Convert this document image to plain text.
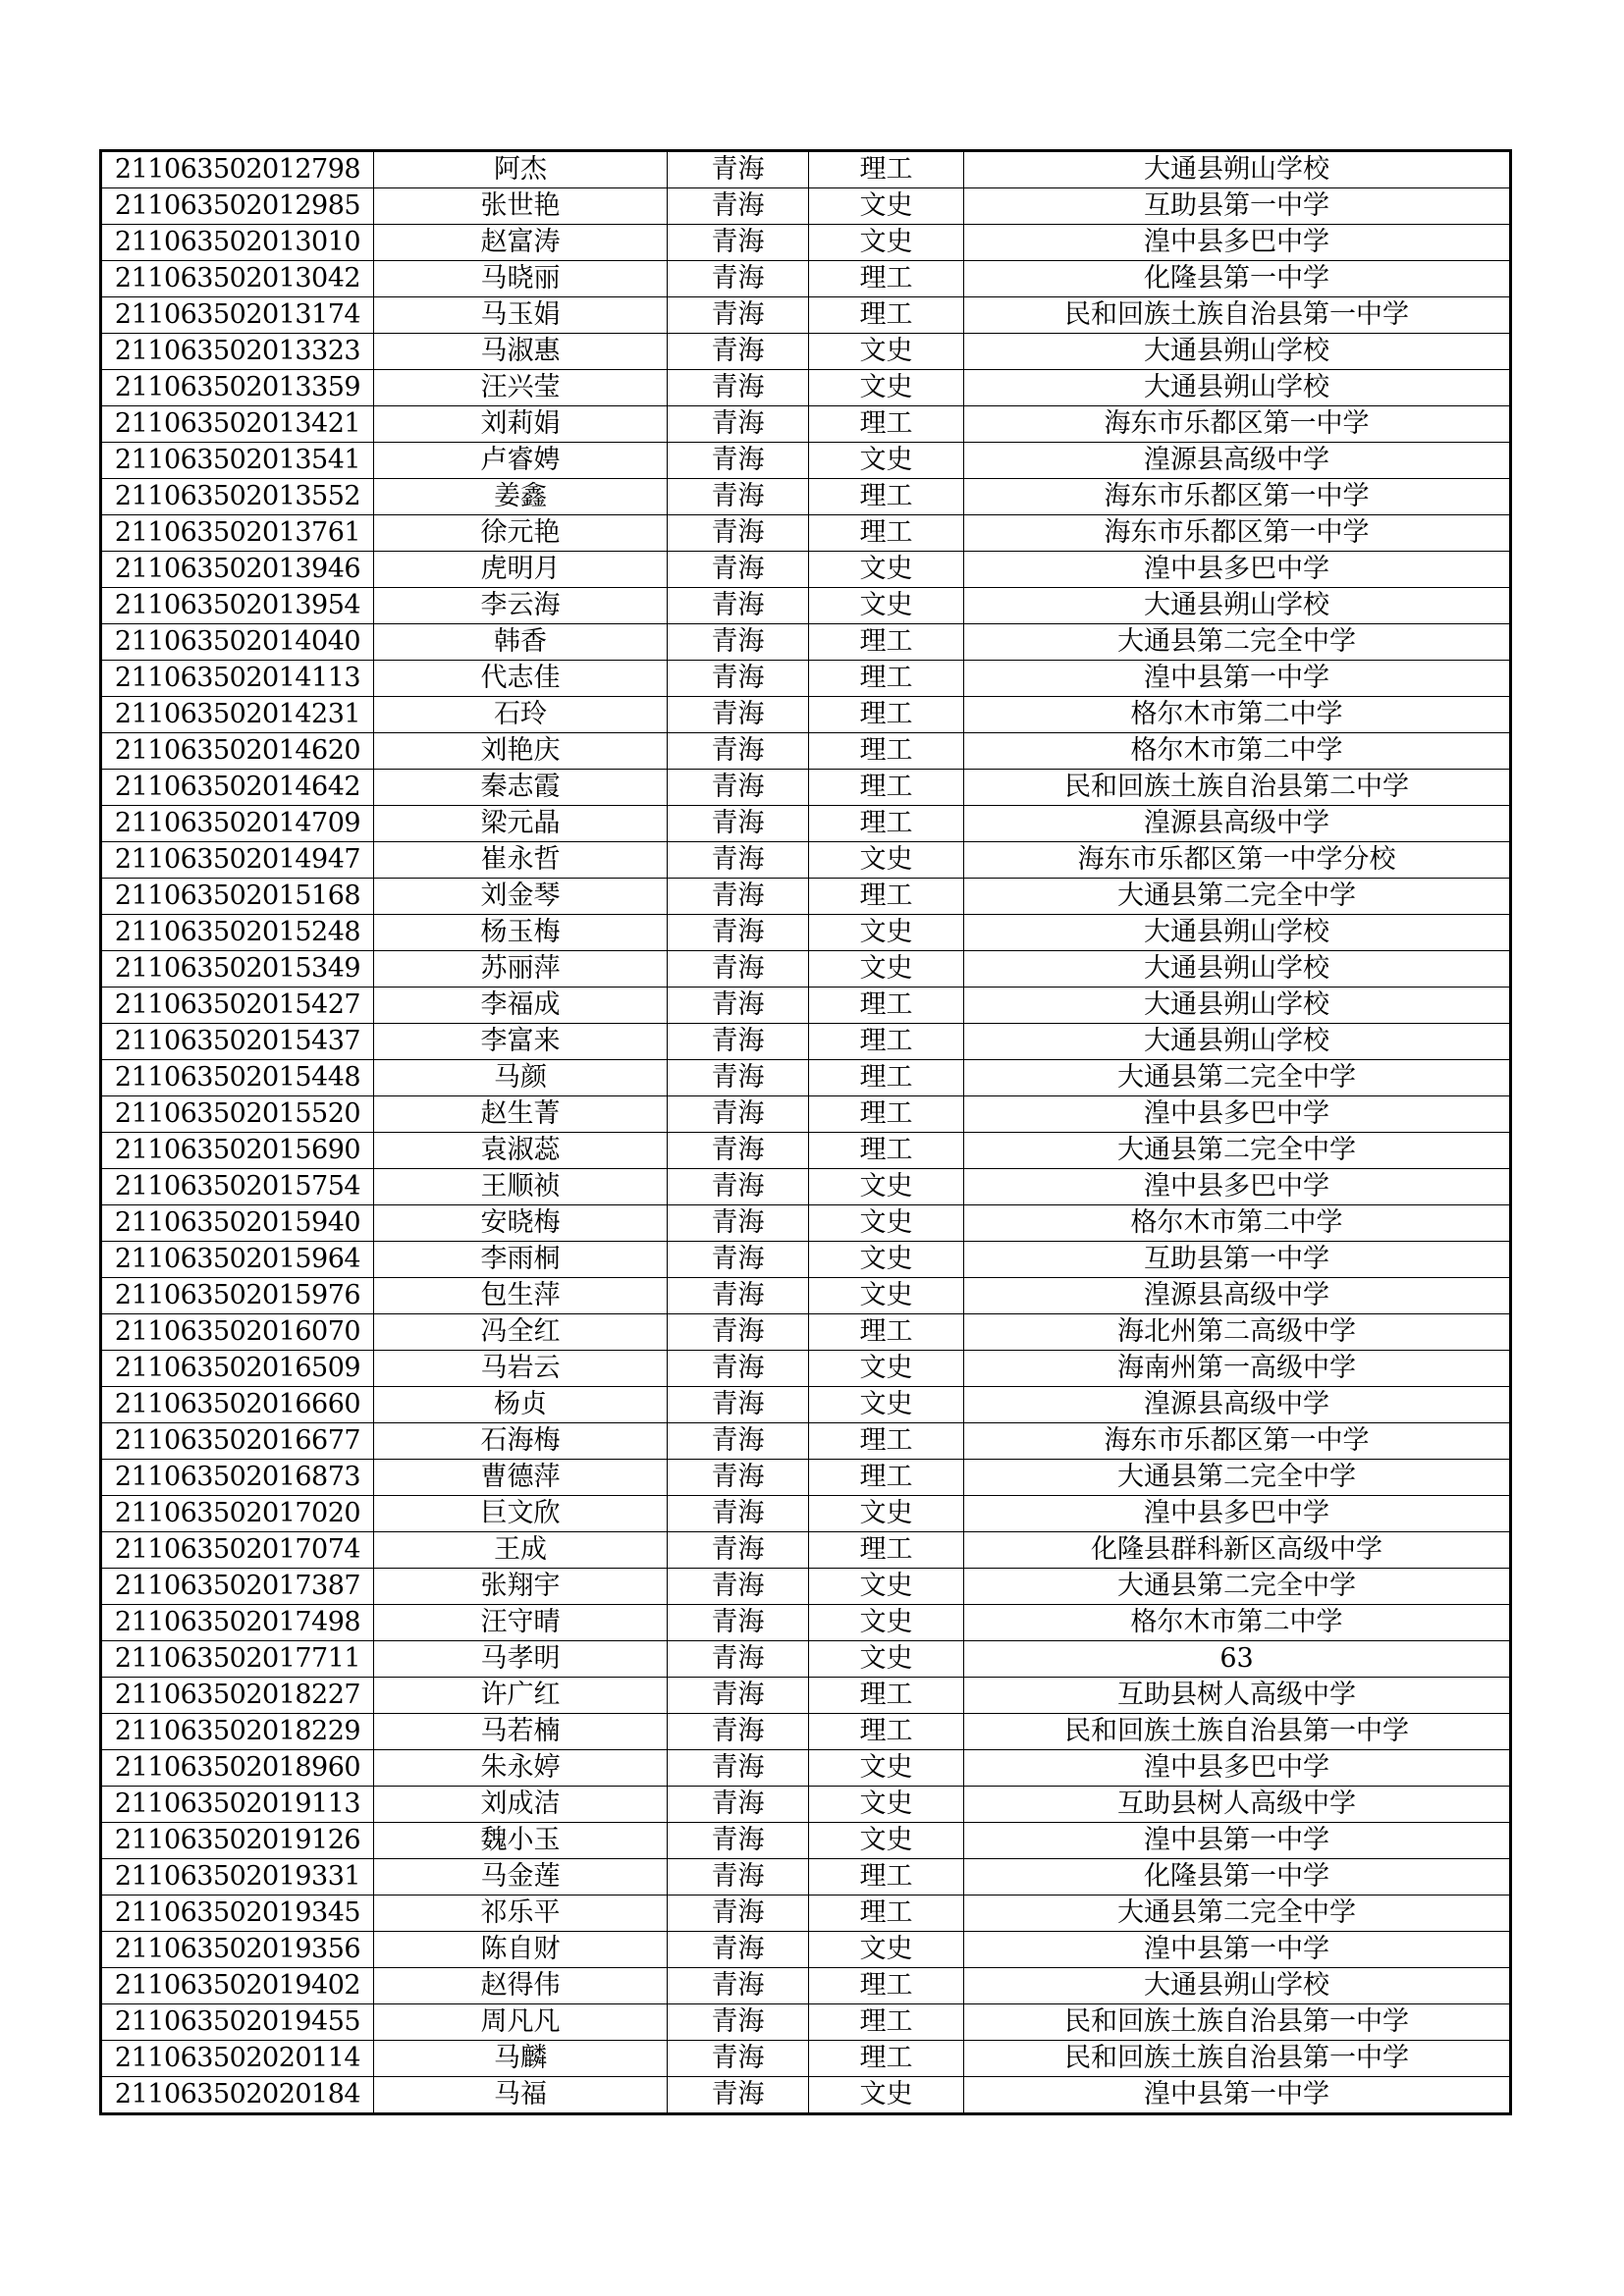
211063502012798	阿杰	青海	理工	大通县朔山学校
211063502012985	张世艳	青海	文史	互助县第一中学
211063502013010	赵富涛	青海	文史	湟中县多巴中学
211063502013042	马晓丽	青海	理工	化隆县第一中学
211063502013174	马玉娟	青海	理工	民和回族土族自治县第一中学
211063502013323	马淑惠	青海	文史	大通县朔山学校
211063502013359	汪兴莹	青海	文史	大通县朔山学校
211063502013421	刘莉娟	青海	理工	海东市乐都区第一中学
211063502013541	卢睿娉	青海	文史	湟源县高级中学
211063502013552	姜鑫	青海	理工	海东市乐都区第一中学
211063502013761	徐元艳	青海	理工	海东市乐都区第一中学
211063502013946	虎明月	青海	文史	湟中县多巴中学
211063502013954	李云海	青海	文史	大通县朔山学校
211063502014040	韩香	青海	理工	大通县第二完全中学
211063502014113	代志佳	青海	理工	湟中县第一中学
211063502014231	石玲	青海	理工	格尔木市第二中学
211063502014620	刘艳庆	青海	理工	格尔木市第二中学
211063502014642	秦志霞	青海	理工	民和回族土族自治县第二中学
211063502014709	梁元晶	青海	理工	湟源县高级中学
211063502014947	崔永哲	青海	文史	海东市乐都区第一中学分校
211063502015168	刘金琴	青海	理工	大通县第二完全中学
211063502015248	杨玉梅	青海	文史	大通县朔山学校
211063502015349	苏丽萍	青海	文史	大通县朔山学校
211063502015427	李福成	青海	理工	大通县朔山学校
211063502015437	李富来	青海	理工	大通县朔山学校
211063502015448	马颜	青海	理工	大通县第二完全中学
211063502015520	赵生菁	青海	理工	湟中县多巴中学
211063502015690	袁淑蕊	青海	理工	大通县第二完全中学
211063502015754	王顺祯	青海	文史	湟中县多巴中学
211063502015940	安晓梅	青海	文史	格尔木市第二中学
211063502015964	李雨桐	青海	文史	互助县第一中学
211063502015976	包生萍	青海	文史	湟源县高级中学
211063502016070	冯全红	青海	理工	海北州第二高级中学
211063502016509	马岩云	青海	文史	海南州第一高级中学
211063502016660	杨贞	青海	文史	湟源县高级中学
211063502016677	石海梅	青海	理工	海东市乐都区第一中学
211063502016873	曹德萍	青海	理工	大通县第二完全中学
211063502017020	巨文欣	青海	文史	湟中县多巴中学
211063502017074	王成	青海	理工	化隆县群科新区高级中学
211063502017387	张翔宇	青海	文史	大通县第二完全中学
211063502017498	汪守晴	青海	文史	格尔木市第二中学
211063502017711	马孝明	青海	文史	63
211063502018227	许广红	青海	理工	互助县树人高级中学
211063502018229	马若楠	青海	理工	民和回族土族自治县第一中学
211063502018960	朱永婷	青海	文史	湟中县多巴中学
211063502019113	刘成洁	青海	文史	互助县树人高级中学
211063502019126	魏小玉	青海	文史	湟中县第一中学
211063502019331	马金莲	青海	理工	化隆县第一中学
211063502019345	祁乐平	青海	理工	大通县第二完全中学
211063502019356	陈自财	青海	文史	湟中县第一中学
211063502019402	赵得伟	青海	理工	大通县朔山学校
211063502019455	周凡凡	青海	理工	民和回族土族自治县第一中学
211063502020114	马麟	青海	理工	民和回族土族自治县第一中学
211063502020184	马福	青海	文史	湟中县第一中学
